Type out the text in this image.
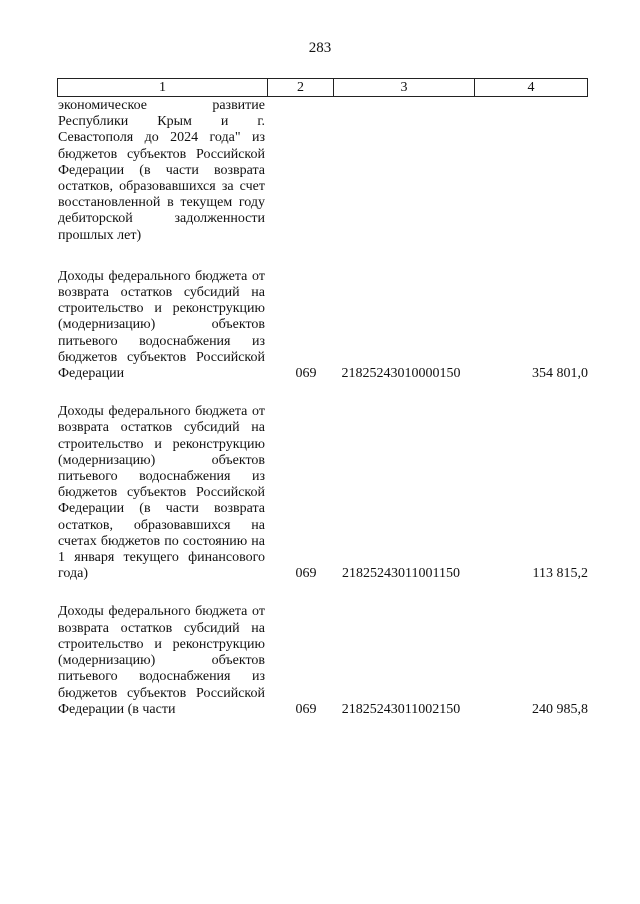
283
1	2	3	4
экономическое развитие Республики Крым и г. Севастополя до 2024 года" из бюджетов субъектов Российской Федерации (в части возврата остатков, образовавшихся за счет восстановленной в текущем году дебиторской задолженности прошлых лет)
Доходы федерального бюджета от возврата остатков субсидий на строительство и реконструкцию (модернизацию) объектов питьевого водоснабжения из бюджетов субъектов Российской Федерации	069	21825243010000150	354 801,0
Доходы федерального бюджета от возврата остатков субсидий на строительство и реконструкцию (модернизацию) объектов питьевого водоснабжения из бюджетов субъектов Российской Федерации (в части возврата остатков, образовавшихся на счетах бюджетов по состоянию на 1 января текущего финансового года)	069	21825243011001150	113 815,2
Доходы федерального бюджета от возврата остатков субсидий на строительство и реконструкцию (модернизацию) объектов питьевого водоснабжения из бюджетов субъектов Российской Федерации (в части	069	21825243011002150	240 985,8
